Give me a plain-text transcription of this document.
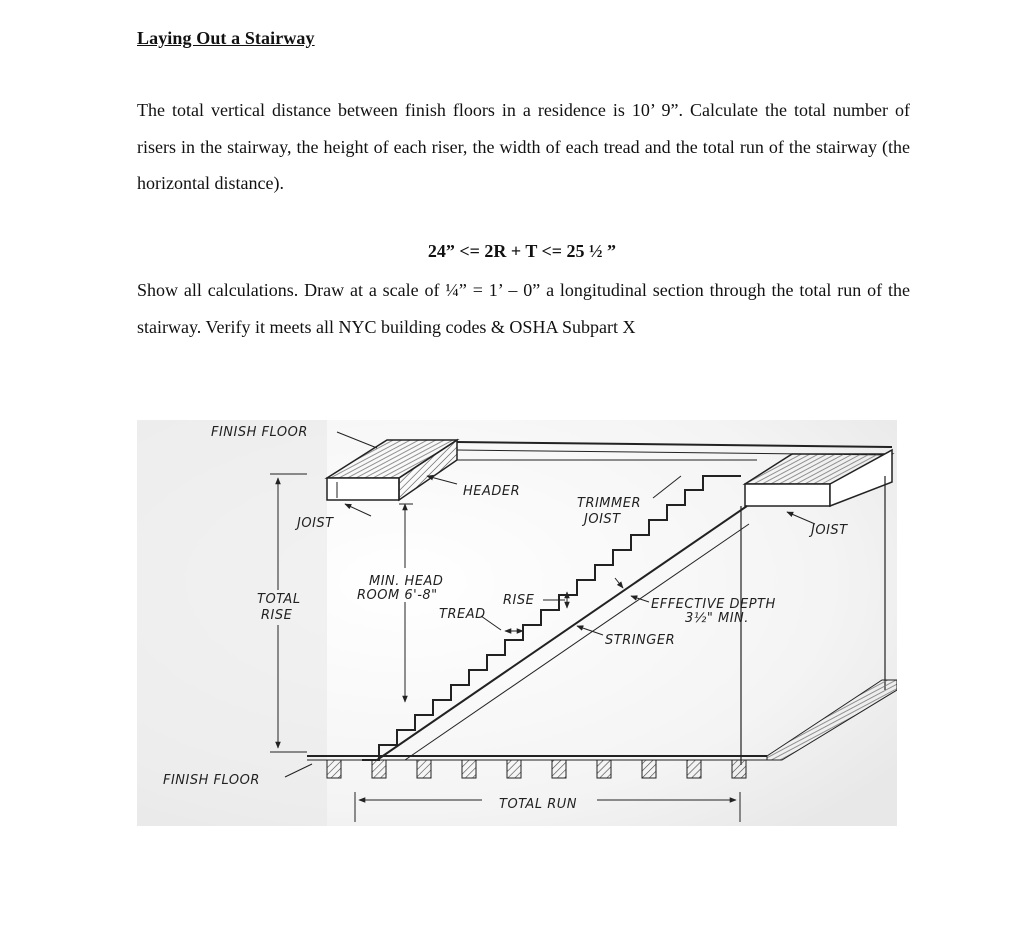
Laying Out a Stairway
The total vertical distance between finish floors in a residence is 10’ 9”. Calculate the total number of risers in the stairway, the height of each riser, the width of each tread and the total run of the stairway (the horizontal distance).
24” <= 2R + T <= 25 ½ ”
Show all calculations. Draw at a scale of ¼” = 1’ – 0” a longitudinal section through the total run of the stairway. Verify it meets all NYC building codes & OSHA Subpart X
FINISH FLOOR
HEADER
TRIMMER
JOIST
JOIST	JOIST
MIN. HEAD
ROOM 6'-8"
TOTAL
RISE
RISE
TREAD
EFFECTIVE DEPTH
3½" MIN.
STRINGER
FINISH FLOOR
TOTAL RUN
